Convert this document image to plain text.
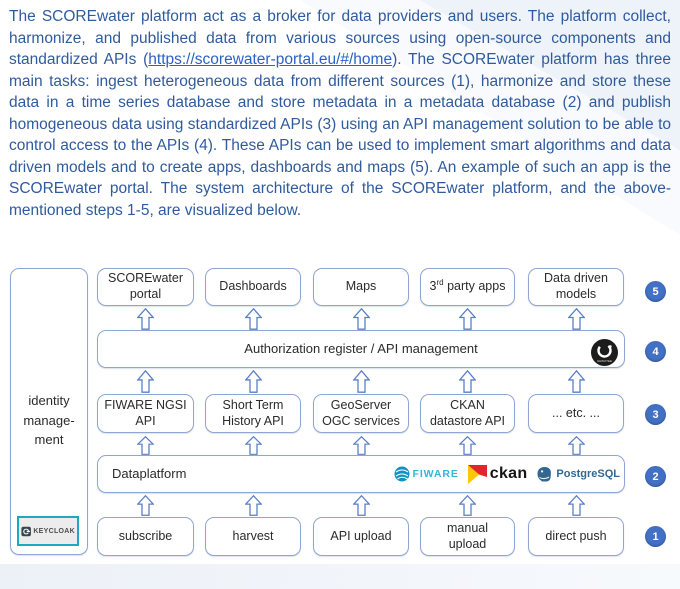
The SCOREwater platform act as a broker for data providers and users. The platform collect, harmonize, and published data from various sources using open-source components and standardized APIs (https://scorewater-portal.eu/#/home). The SCOREwater platform has three main tasks: ingest heterogeneous data from different sources (1), harmonize and store these data in a time series database and store metadata in a metadata database (2) and publish homogeneous data using standardized APIs (3) using an API management solution to be able to control access to the APIs (4). These APIs can be used to implement smart algorithms and data driven models and to create apps, dashboards and maps (5). An example of such an app is the SCOREwater portal. The system architecture of the SCOREwater platform, and the above-mentioned steps 1-5, are visualized below.

identity
manage-
ment
KEYCLOAK
SCOREwater
portal
Dashboards	Maps	3rd party apps
Data driven
models	5
Authorization register / API management
GRAVITEE
4
FIWARE NGSI
API
Short Term
History API
GeoServer
OGC services
CKAN
datastore API
... etc. ...	3
Dataplatform	FIWARE ckan	PostgreSQL	2
subscribe	harvest	API upload
manual
upload
direct push	1
